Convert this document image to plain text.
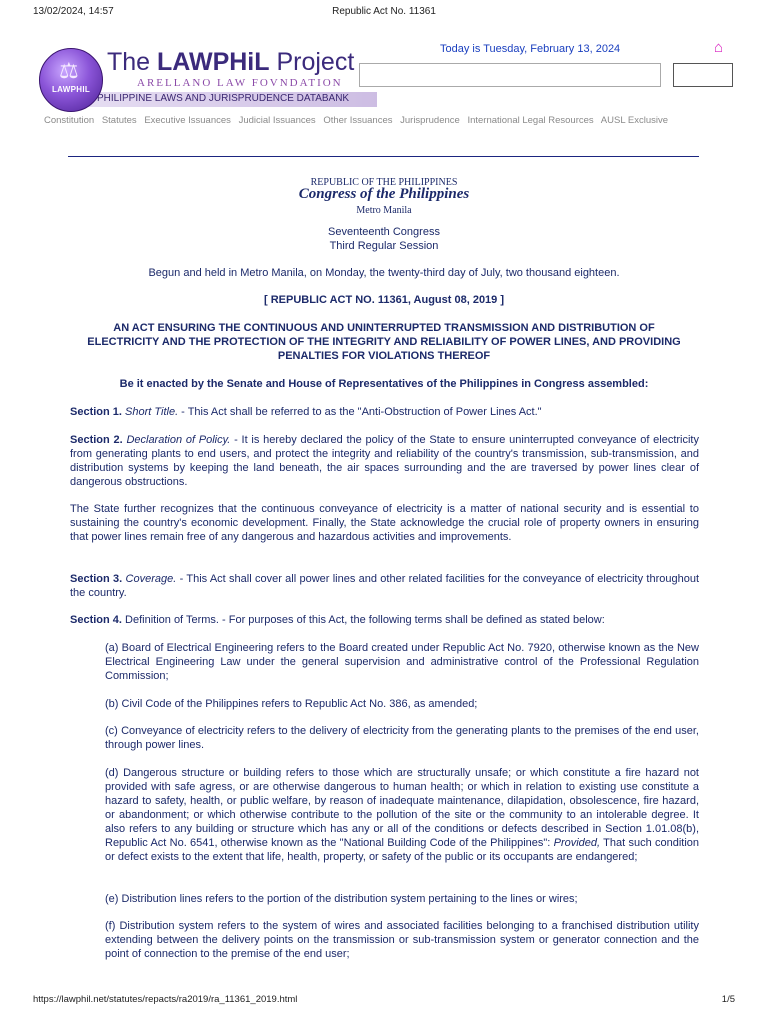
13/02/2024, 14:57	Republic Act No. 11361
PHILIPPINE LAWS AND JURISPRUDENCE DATABANK
⚖
LAWPHIL
The LAWPHiL Project
ARELLANO LAW FOVNDATION
Today is Tuesday, February 13, 2024	⌂
Constitution Statutes Executive Issuances Judicial Issuances Other Issuances Jurisprudence International Legal Resources AUSL Exclusive
REPUBLIC OF THE PHILIPPINES
Congress of the Philippines
Metro Manila
Seventeenth Congress
Third Regular Session
Begun and held in Metro Manila, on Monday, the twenty-third day of July, two thousand eighteen.
[ REPUBLIC ACT NO. 11361, August 08, 2019 ]
AN ACT ENSURING THE CONTINUOUS AND UNINTERRUPTED TRANSMISSION AND DISTRIBUTION OF ELECTRICITY AND THE PROTECTION OF THE INTEGRITY AND RELIABILITY OF POWER LINES, AND PROVIDING PENALTIES FOR VIOLATIONS THEREOF
Be it enacted by the Senate and House of Representatives of the Philippines in Congress assembled:
Section 1. Short Title. - This Act shall be referred to as the "Anti-Obstruction of Power Lines Act."
Section 2. Declaration of Policy. - It is hereby declared the policy of the State to ensure uninterrupted conveyance of electricity from generating plants to end users, and protect the integrity and reliability of the country's transmission, sub-transmission, and distribution systems by keeping the land beneath, the air spaces surrounding and the are traversed by power lines clear of dangerous obstructions.
The State further recognizes that the continuous conveyance of electricity is a matter of national security and is essential to sustaining the country's economic development. Finally, the State acknowledge the crucial role of property owners in ensuring that power lines remain free of any dangerous and hazardous activities and improvements.
Section 3. Coverage. - This Act shall cover all power lines and other related facilities for the conveyance of electricity throughout the country.
Section 4. Definition of Terms. - For purposes of this Act, the following terms shall be defined as stated below:
(a) Board of Electrical Engineering refers to the Board created under Republic Act No. 7920, otherwise known as the New Electrical Engineering Law under the general supervision and administrative control of the Professional Regulation Commission;
(b) Civil Code of the Philippines refers to Republic Act No. 386, as amended;
(c) Conveyance of electricity refers to the delivery of electricity from the generating plants to the premises of the end user, through power lines.
(d) Dangerous structure or building refers to those which are structurally unsafe; or which constitute a fire hazard not provided with safe agress, or are otherwise dangerous to human health; or which in relation to existing use constitute a hazard to safety, health, or public welfare, by reason of inadequate maintenance, dilapidation, obsolescence, fire hazard, or abandonment; or which otherwise contribute to the pollution of the site or the community to an intolerable degree. It also refers to any building or structure which has any or all of the conditions or defects described in Section 1.01.08(b), Republic Act No. 6541, otherwise known as the "National Building Code of the Philippines": Provided, That such condition or defect exists to the extent that life, health, property, or safety of the public or its occupants are endangered;
(e) Distribution lines refers to the portion of the distribution system pertaining to the lines or wires;
(f) Distribution system refers to the system of wires and associated facilities belonging to a franchised distribution utility extending between the delivery points on the transmission or sub-transmission system or generator connection and the point of connection to the premise of the end user;
https://lawphil.net/statutes/repacts/ra2019/ra_11361_2019.html	1/5
